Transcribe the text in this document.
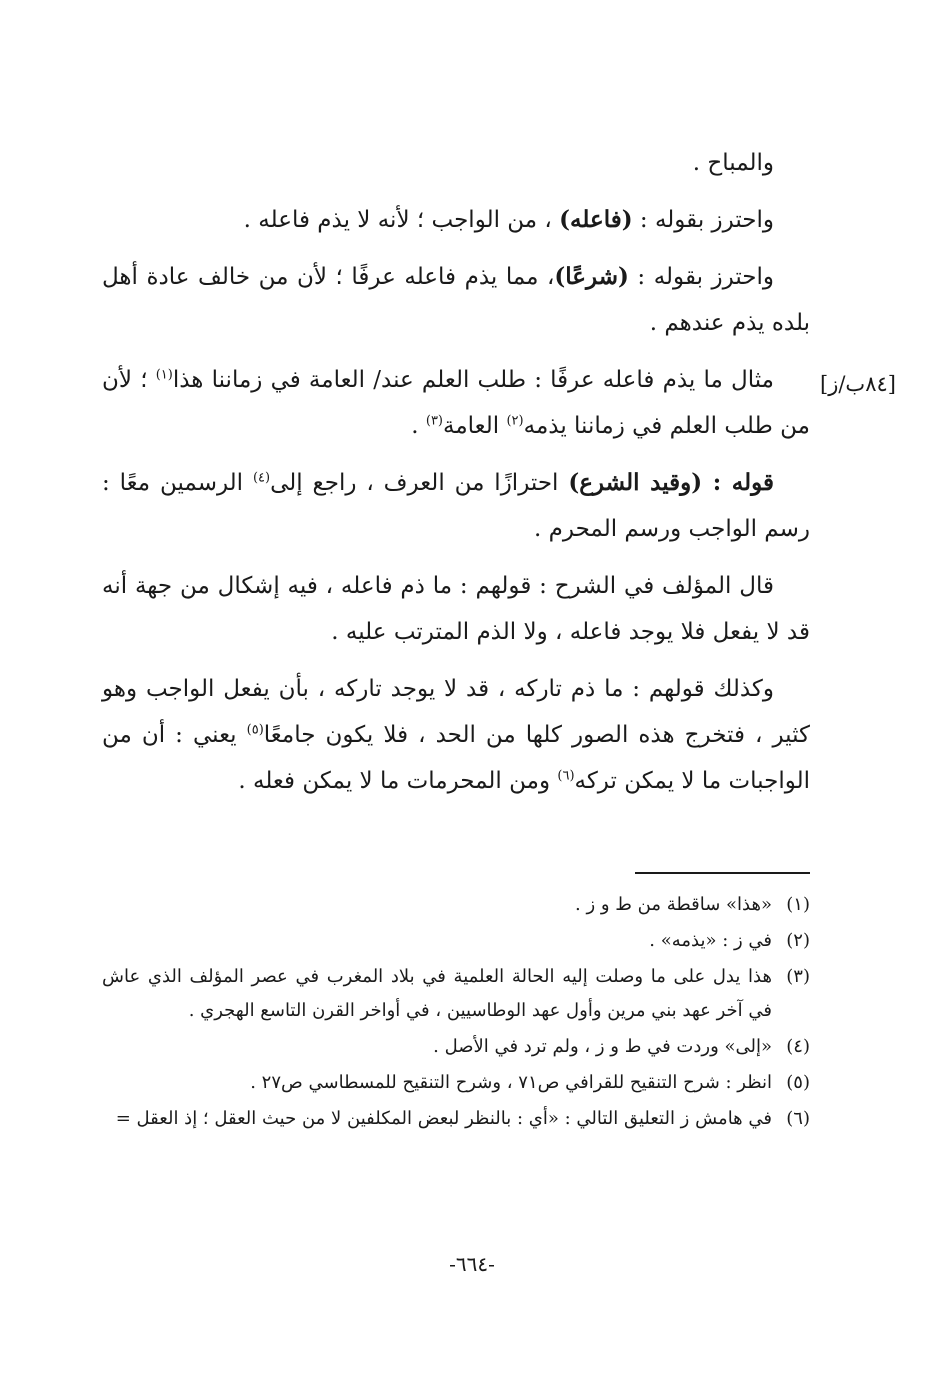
والمباح .

واحترز بقوله : (فاعله) ، من الواجب ؛ لأنه لا يذم فاعله .

واحترز بقوله : (شرعًا)، مما يذم فاعله عرفًا ؛ لأن من خالف عادة أهل بلده يذم عندهم .

مثال ما يذم فاعله عرفًا : طلب العلم عند/ العامة في زماننا هذا$^{(١)}$ ؛ لأن من طلب العلم في زماننا يذمه$^{(٢)}$ العامة$^{(٣)}$ .

قوله : (وقيد الشرع) احترازًا من العرف ، راجع إلى$^{(٤)}$ الرسمين معًا : رسم الواجب ورسم المحرم .

قال المؤلف في الشرح : قولهم : ما ذم فاعله ، فيه إشكال من جهة أنه قد لا يفعل فلا يوجد فاعله ، ولا الذم المترتب عليه .

وكذلك قولهم : ما ذم تاركه ، قد لا يوجد تاركه ، بأن يفعل الواجب وهو كثير ، فتخرج هذه الصور كلها من الحد ، فلا يكون جامعًا$^{(٥)}$ يعني : أن من الواجبات ما لا يمكن تركه$^{(٦)}$ ومن المحرمات ما لا يمكن فعله .

[٨٤ب/ز]
(١)
«هذا» ساقطة من ط و ز .
(٢)
في ز : «يذمه» .
(٣)
هذا يدل على ما وصلت إليه الحالة العلمية في بلاد المغرب في عصر المؤلف الذي عاش في آخر عهد بني مرين وأول عهد الوطاسيين ، في أواخر القرن التاسع الهجري .
(٤)
«إلى» وردت في ط و ز ، ولم ترد في الأصل .
(٥)
انظر : شرح التنقيح للقرافي ص٧١ ، وشرح التنقيح للمسطاسي ص٢٧ .
(٦)
في هامش ز التعليق التالي : «أي : بالنظر لبعض المكلفين لا من حيث العقل ؛ إذ العقل =
-٦٦٤-
